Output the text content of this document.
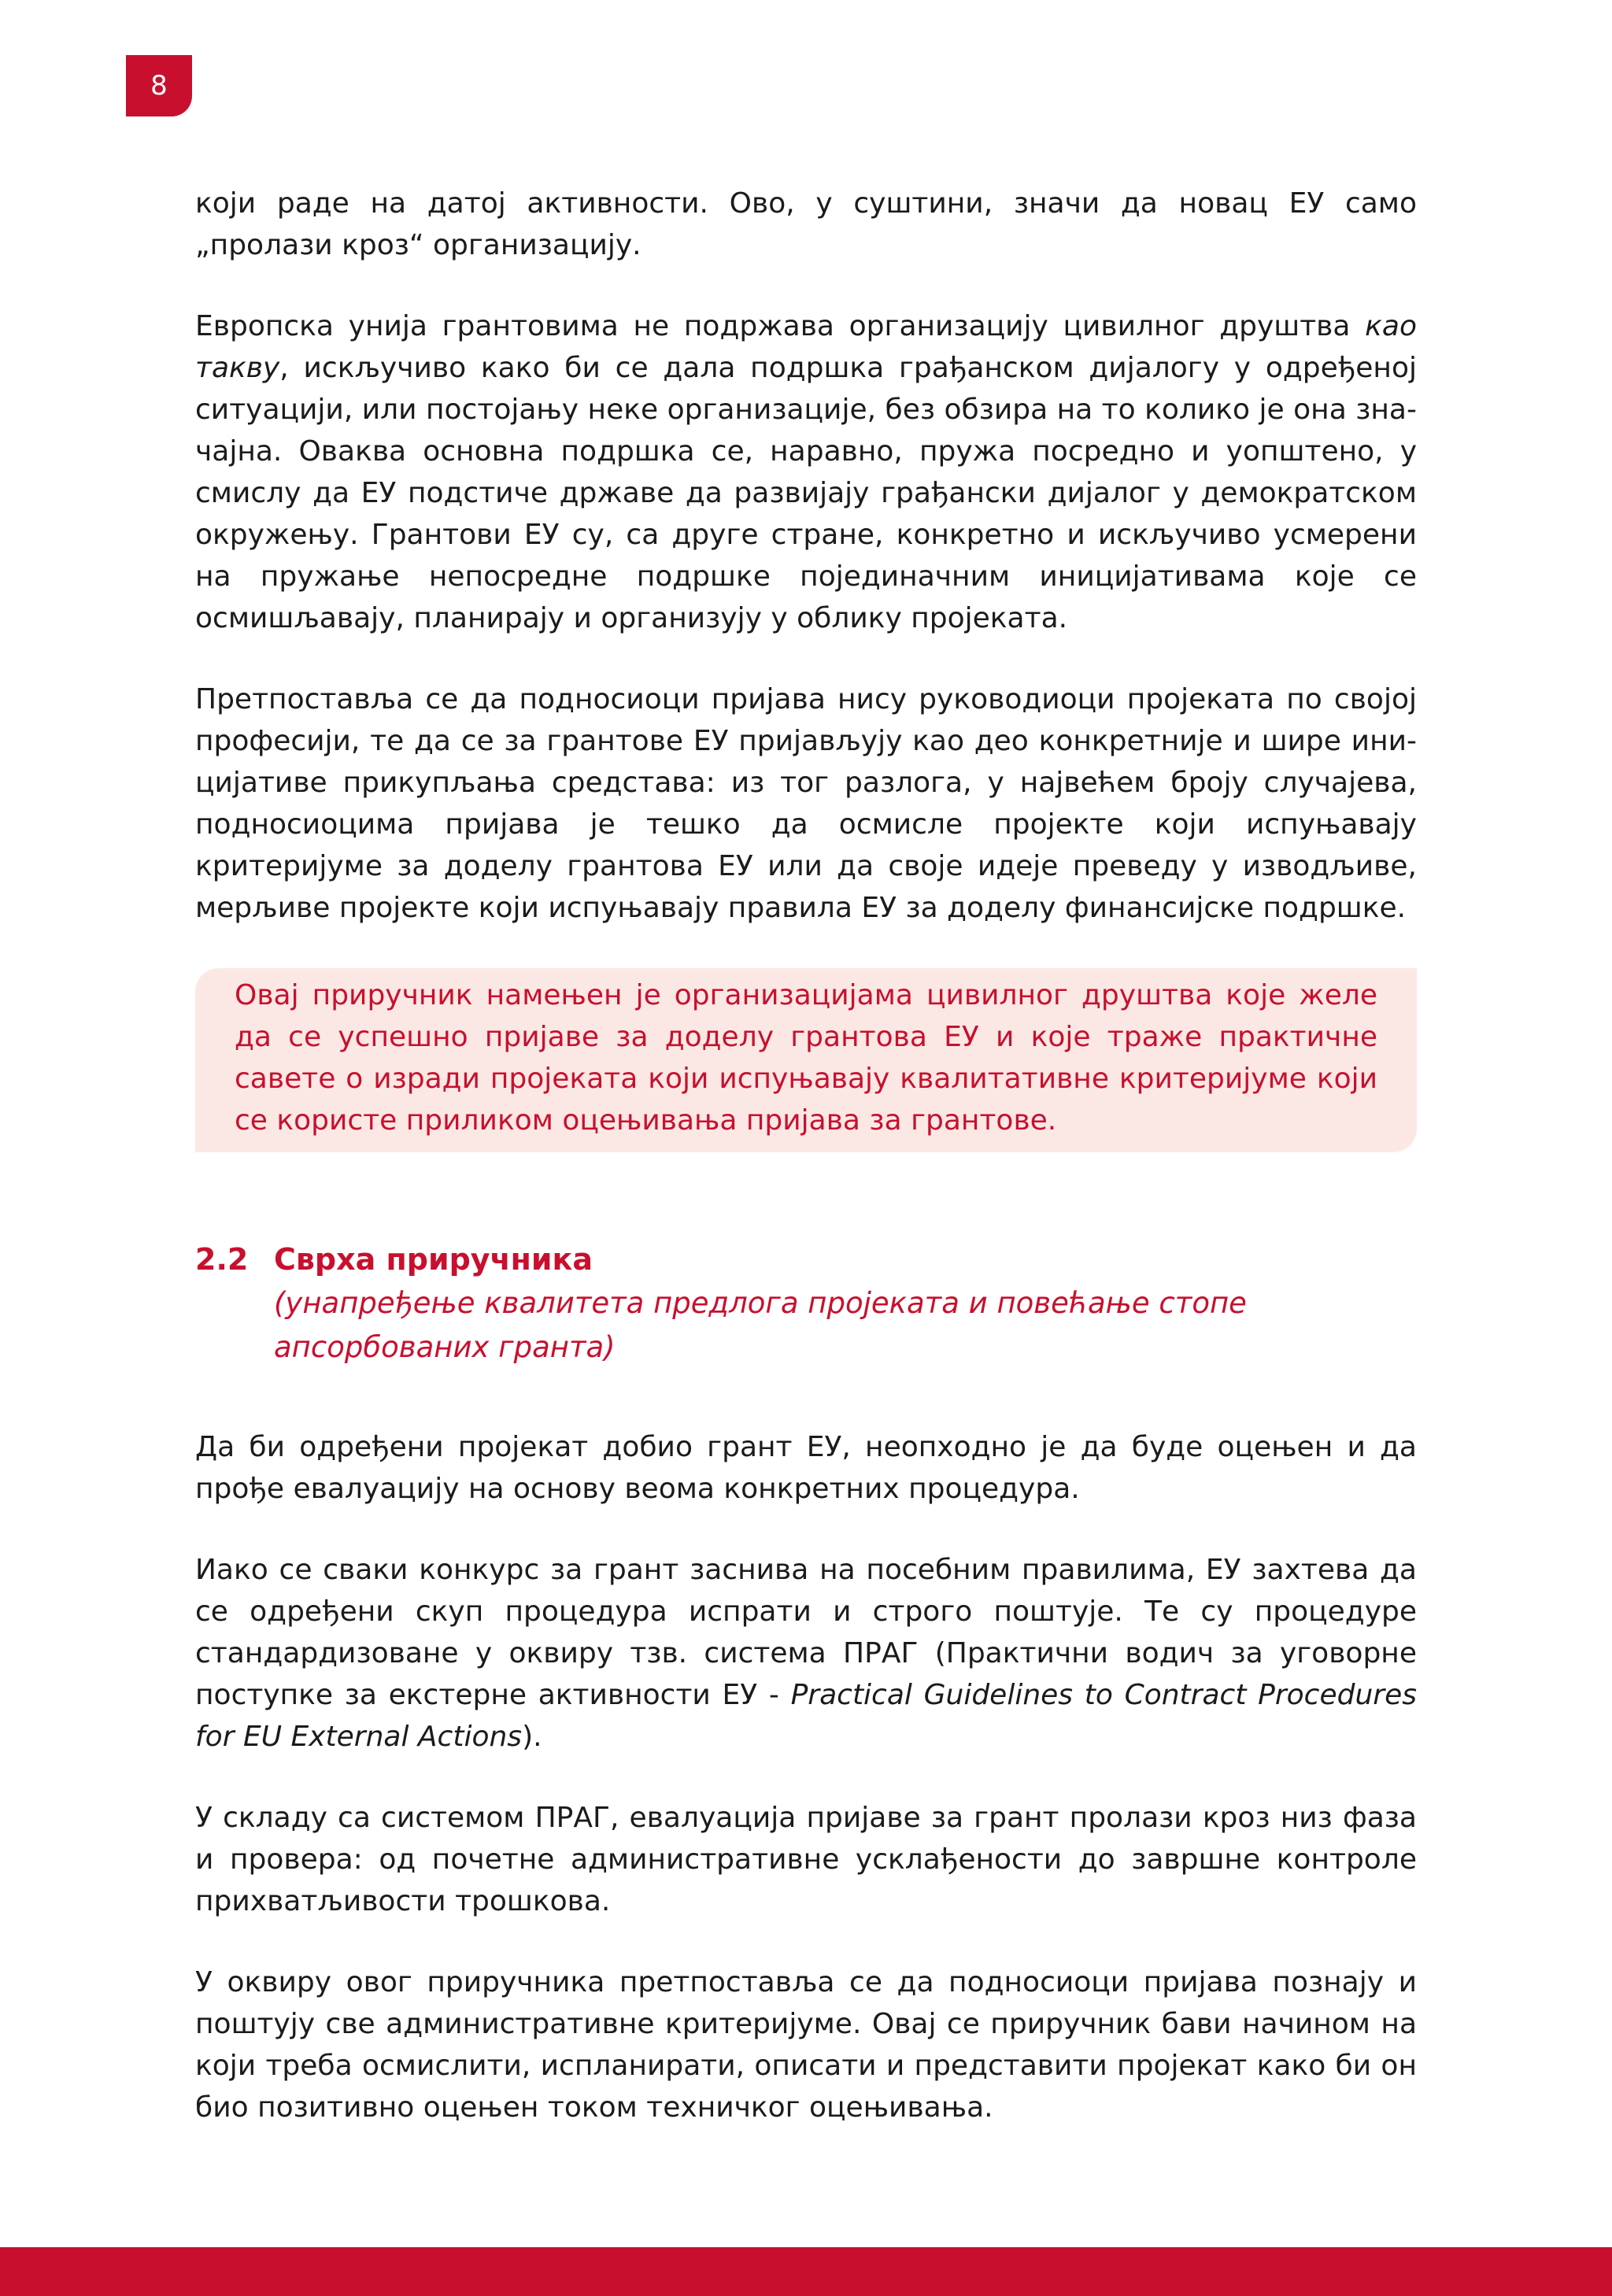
8

који раде на датој активности. Ово, у суштини, значи да новац ЕУ само „пролази кроз“ организацију.

Европска унија грантовима не подржава организацију цивилног друштва као такву, искључиво како би се дала подршка грађанском дијалогу у одређеној ситуацији, или постојању неке организације, без обзира на то колико је она значајна. Оваква основна подршка се, наравно, пружа посредно и уопштено, у смислу да ЕУ подстиче државе да развијају грађански дијалог у демократском окружењу. Грантови ЕУ су, са друге стране, конкретно и искључиво усмерени на пружање непосредне подршке појединачним иницијативама које се осмишљавају, планирају и организују у облику пројеката.

Претпоставља се да подносиоци пријава нису руководиоци пројеката по својој професији, те да се за грантове ЕУ пријављују као део конкретније и шире иницијативе прикупљања средстава: из тог разлога, у највећем броју случајева, подносиоцима пријава је тешко да осмисле пројекте који испуњавају критеријуме за доделу грантова ЕУ или да своје идеје преведу у изводљиве, мерљиве пројекте који испуњавају правила ЕУ за доделу финансијске подршке.

Овај приручник намењен је организацијама цивилног друштва које желе да се успешно пријаве за доделу грантова ЕУ и које траже практичне савете о изради пројеката који испуњавају квалитативне критеријуме који се користе приликом оцењивања пријава за грантове.

2.2 Сврха приручника
(унапређење квалитета предлога пројеката и повећање стопе апсорбованих гранта)

Да би одређени пројекат добио грант ЕУ, неопходно је да буде оцењен и да прође евалуацију на основу веома конкретних процедура.

Иако се сваки конкурс за грант заснива на посебним правилима, ЕУ захтева да се одређени скуп процедура испрати и строго поштује. Те су процедуре стандардизоване у оквиру тзв. система ПРАГ (Практични водич за уговорне поступке за екстерне активности ЕУ - Practical Guidelines to Contract Procedures for EU External Actions).

У складу са системом ПРАГ, евалуација пријаве за грант пролази кроз низ фаза и провера: од почетне административне усклађености до завршне контроле прихватљивости трошкова.

У оквиру овог приручника претпоставља се да подносиоци пријава познају и поштују све административне критеријуме. Овај се приручник бави начином на који треба осмислити, испланирати, описати и представити пројекат како би он био позитивно оцењен током техничког оцењивања.
